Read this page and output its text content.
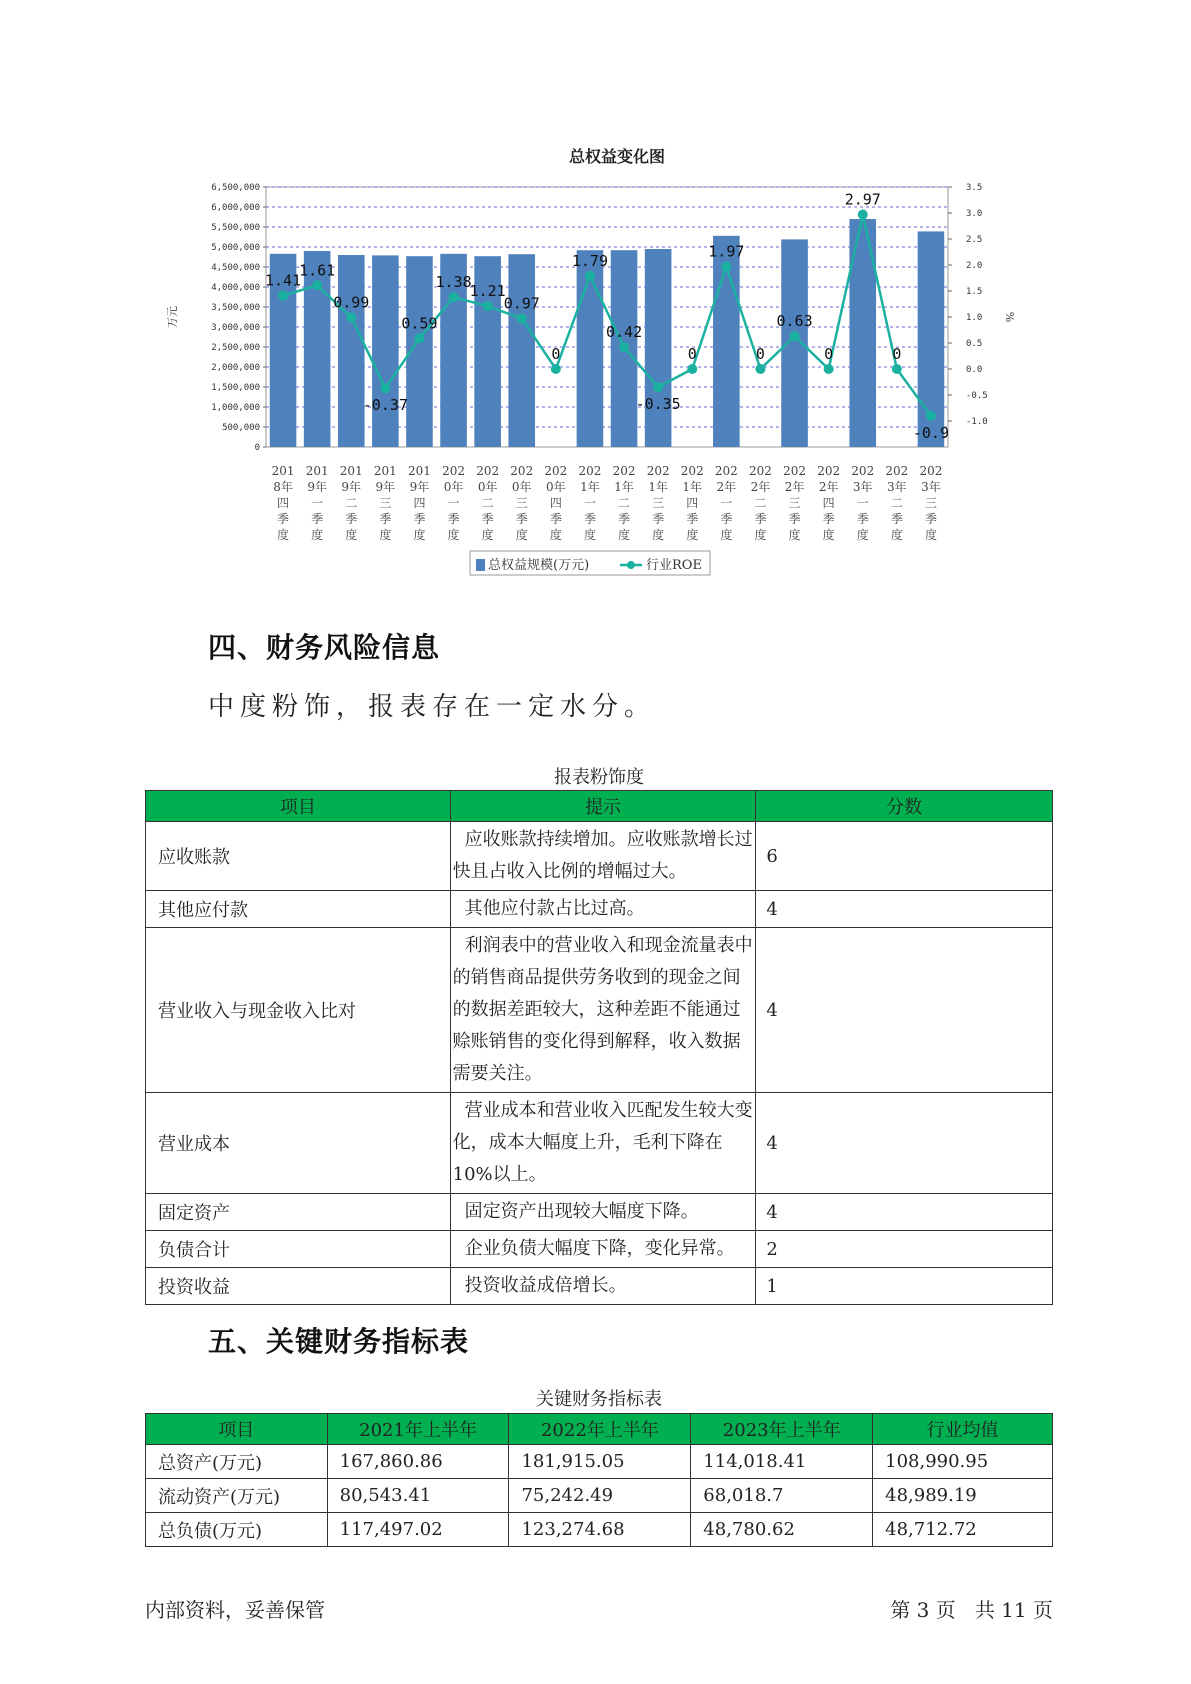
总权益变化图
0
500,000
1,000,000
1,500,000
2,000,000
2,500,000
3,000,000
3,500,000
4,000,000
4,500,000
5,000,000
5,500,000
6,000,000
6,500,000
-1.0
-0.5
0.0
0.5
1.0
1.5
2.0
2.5
3.0
3.5
万元	%
201 8年四季度
201 9年一季度
201 9年二季度
201 9年三季度
201 9年四季度
202 0年一季度
202 0年二季度
202 0年三季度
202 0年四季度
202 1年一季度
202 1年二季度
202 1年三季度
202 1年四季度
202 2年一季度
202 2年二季度
202 2年三季度
202 2年四季度
202 3年一季度
202 3年二季度
202 3年三季度
1.41
1.61
0.99
-0.37
0.59
1.38
1.21
0.97
0
1.79
0.42
-0.35
0
1.97
0
0.63
0
2.97
0
-0.9
总权益规模(万元)	行业ROE
四、财务风险信息
中度粉饰，报表存在一定水分。
报表粉饰度
项目	提示	分数
应收账款	应收账款持续增加。应收账款增长过快且占收入比例的增幅过大。	6
其他应付款	其他应付款占比过高。	4
营业收入与现金收入比对	利润表中的营业收入和现金流量表中的销售商品提供劳务收到的现金之间的数据差距较大，这种差距不能通过赊账销售的变化得到解释，收入数据需要关注。	4
营业成本	营业成本和营业收入匹配发生较大变化，成本大幅度上升，毛利下降在10%以上。	4
固定资产	固定资产出现较大幅度下降。	4
负债合计	企业负债大幅度下降，变化异常。	2
投资收益	投资收益成倍增长。	1
五、关键财务指标表
关键财务指标表
项目	2021年上半年	2022年上半年	2023年上半年	行业均值
总资产(万元)	167,860.86	181,915.05	114,018.41	108,990.95
流动资产(万元)	80,543.41	75,242.49	68,018.7	48,989.19
总负债(万元)	117,497.02	123,274.68	48,780.62	48,712.72
内部资料，妥善保管	第 3 页   共 11 页
